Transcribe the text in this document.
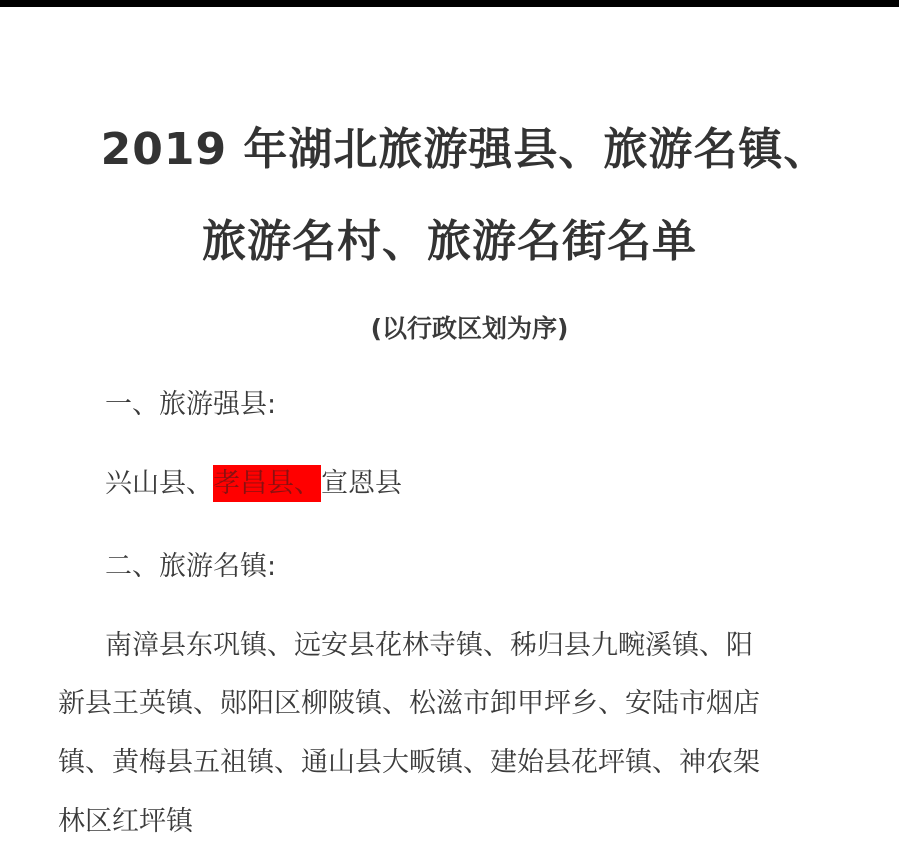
2019 年湖北旅游强县、旅游名镇、
旅游名村、旅游名街名单
(以行政区划为序)
一、旅游强县:
兴山县、孝昌县、宣恩县
二、旅游名镇:
南漳县东巩镇、远安县花林寺镇、秭归县九畹溪镇、阳
新县王英镇、郧阳区柳陂镇、松滋市卸甲坪乡、安陆市烟店
镇、黄梅县五祖镇、通山县大畈镇、建始县花坪镇、神农架
林区红坪镇
